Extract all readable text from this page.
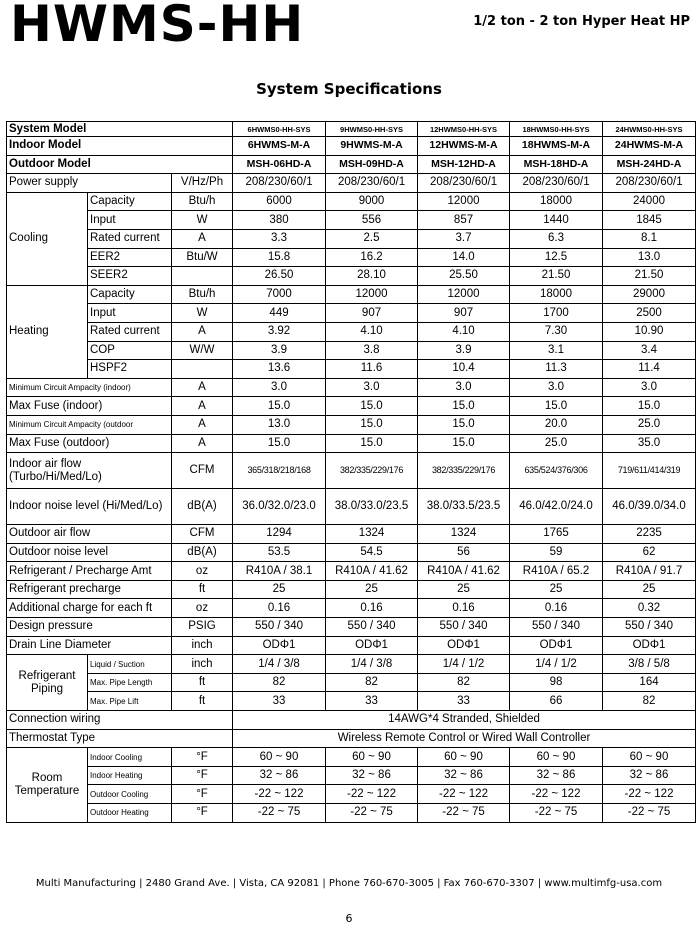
HWMS-HH	1/2 ton - 2 ton Hyper Heat HP
System Specifications
System Model			6HWMS0-HH-SYS	9HWMS0-HH-SYS	12HWMS0-HH-SYS	18HWMS0-HH-SYS	24HWMS0-HH-SYS
Indoor Model			6HWMS-M-A	9HWMS-M-A	12HWMS-M-A	18HWMS-M-A	24HWMS-M-A
Outdoor Model			MSH-06HD-A	MSH-09HD-A	MSH-12HD-A	MSH-18HD-A	MSH-24HD-A
Power supply		V/Hz/Ph	208/230/60/1	208/230/60/1	208/230/60/1	208/230/60/1	208/230/60/1
Cooling	Capacity	Btu/h	6000	9000	12000	18000	24000
	Input	W	380	556	857	1440	1845
	Rated current	A	3.3	2.5	3.7	6.3	8.1
	EER2	Btu/W	15.8	16.2	14.0	12.5	13.0
	SEER2		26.50	28.10	25.50	21.50	21.50
Heating	Capacity	Btu/h	7000	12000	12000	18000	29000
	Input	W	449	907	907	1700	2500
	Rated current	A	3.92	4.10	4.10	7.30	10.90
	COP	W/W	3.9	3.8	3.9	3.1	3.4
	HSPF2		13.6	11.6	10.4	11.3	11.4
Minimum Circuit Ampacity (indoor)		A	3.0	3.0	3.0	3.0	3.0
Max Fuse (indoor)		A	15.0	15.0	15.0	15.0	15.0
Minimum Circuit Ampacity (outdoor		A	13.0	15.0	15.0	20.0	25.0
Max Fuse (outdoor)		A	15.0	15.0	15.0	25.0	35.0
Indoor air flow (Turbo/Hi/Med/Lo)		CFM	365/318/218/168	382/335/229/176	382/335/229/176	635/524/376/306	719/611/414/319
Indoor noise level (Hi/Med/Lo)		dB(A)	36.0/32.0/23.0	38.0/33.0/23.5	38.0/33.5/23.5	46.0/42.0/24.0	46.0/39.0/34.0
Outdoor air flow		CFM	1294	1324	1324	1765	2235
Outdoor noise level		dB(A)	53.5	54.5	56	59	62
Refrigerant / Precharge Amt		oz	R410A / 38.1	R410A / 41.62	R410A / 41.62	R410A / 65.2	R410A / 91.7
Refrigerant precharge		ft	25	25	25	25	25
Additional charge for each ft		oz	0.16	0.16	0.16	0.16	0.32
Design pressure		PSIG	550 / 340	550 / 340	550 / 340	550 / 340	550 / 340
Drain Line Diameter		inch	ODΦ1	ODΦ1	ODΦ1	ODΦ1	ODΦ1
Refrigerant Piping	Liquid / Suction	inch	1/4 / 3/8	1/4 / 3/8	1/4 / 1/2	1/4 / 1/2	3/8 / 5/8
	Max. Pipe Length	ft	82	82	82	98	164
	Max. Pipe Lift	ft	33	33	33	66	82
Connection wiring			14AWG*4 Stranded, Shielded				
Thermostat Type			Wireless Remote Control or Wired Wall Controller				
Room Temperature	Indoor Cooling	°F	60 ~ 90	60 ~ 90	60 ~ 90	60 ~ 90	60 ~ 90
	Indoor Heating	°F	32 ~ 86	32 ~ 86	32 ~ 86	32 ~ 86	32 ~ 86
	Outdoor Cooling	°F	-22 ~ 122	-22 ~ 122	-22 ~ 122	-22 ~ 122	-22 ~ 122
	Outdoor Heating	°F	-22 ~ 75	-22 ~ 75	-22 ~ 75	-22 ~ 75	-22 ~ 75
Multi Manufacturing | 2480 Grand Ave. | Vista, CA 92081 | Phone 760-670-3005 | Fax 760-670-3307 | www.multimfg-usa.com
6
